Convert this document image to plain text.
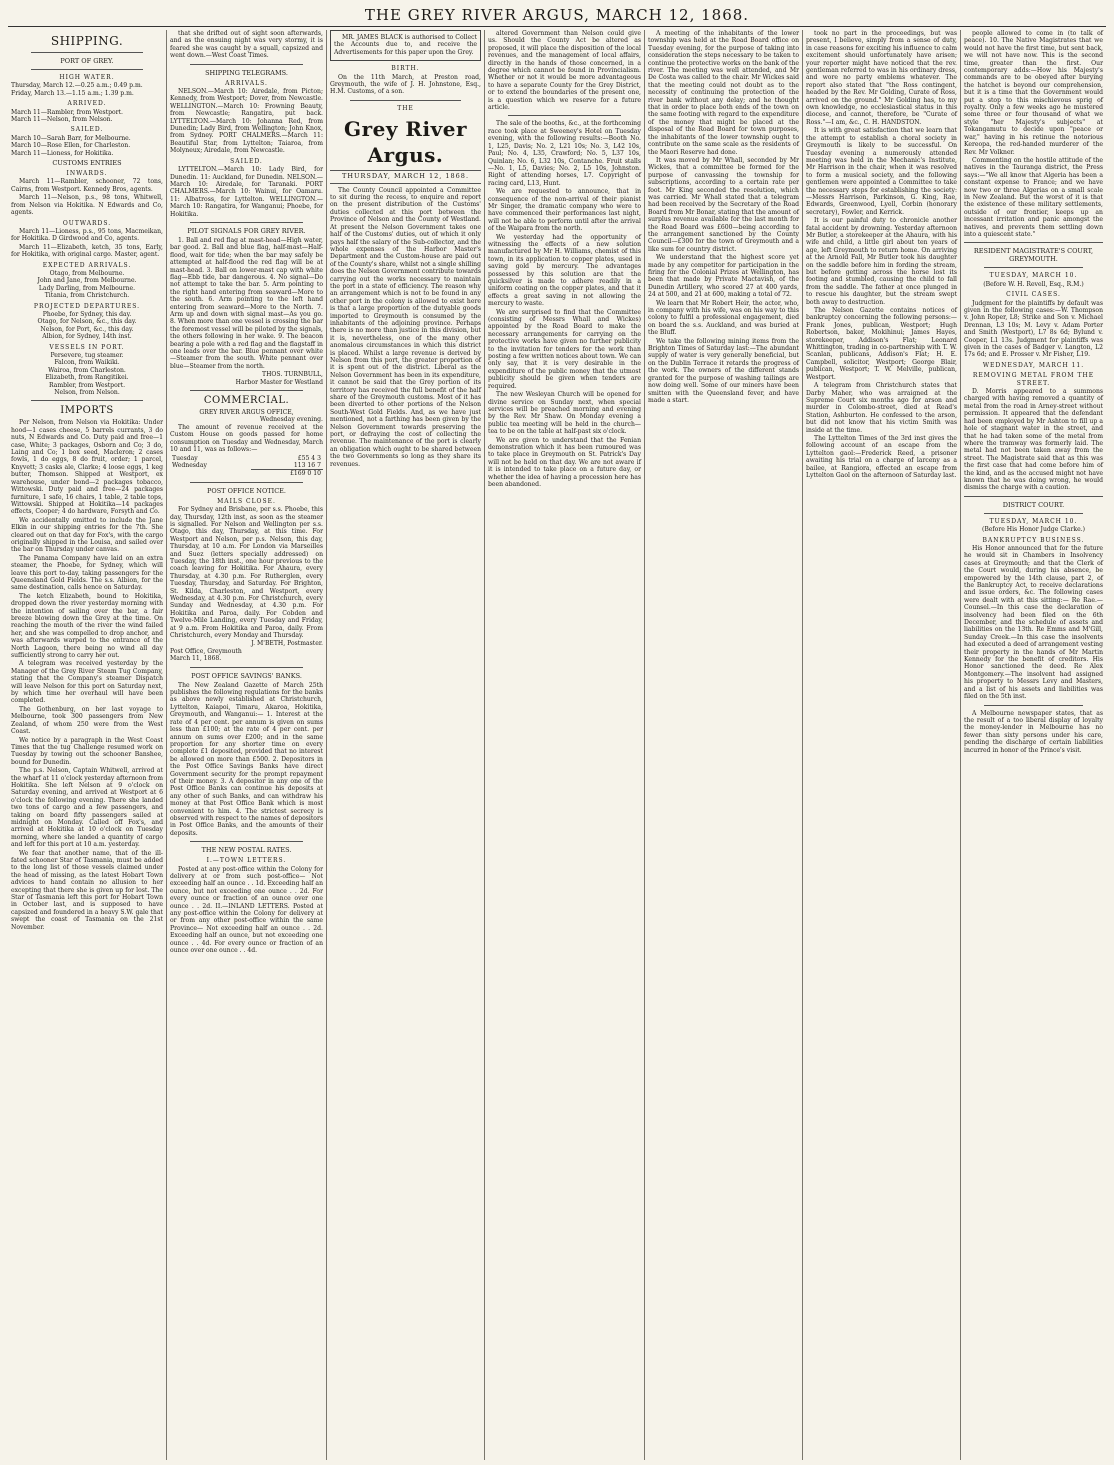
THE GREY RIVER ARGUS, MARCH 12, 1868.
SHIPPING.
PORT OF GREY.
HIGH WATER.
Thursday, March 12.—0.25 a.m.; 0.49 p.m.
Friday, March 13.—1.15 a.m.; 1.39 p.m.
ARRIVED.
March 11—Rambler, from Westport.
March 11—Nelson, from Nelson.
SAILED.
March 10—Sarah Barr, for Melbourne.
March 10—Rose Ellen, for Charleston.
March 11—Lioness, for Hokitika.
CUSTOMS ENTRIES
INWARDS.
March 11—Rambler, schooner, 72 tons, Cairns, from Westport. Kennedy Bros, agents.
March 11—Nelson, p.s., 98 tons, Whitwell, from Nelson via Hokitika. N Edwards and Co, agents.
OUTWARDS.
March 11—Lioness, p.s., 95 tons, Macmeikan, for Hokitika. D Girdwood and Co, agents.
March 11—Elizabeth, ketch, 35 tons, Early, for Hokitika, with original cargo. Master, agent.
EXPECTED ARRIVALS.
Otago, from Melbourne.
John and Jane, from Melbourne.
Lady Darling, from Melbourne.
Titania, from Christchurch.
PROJECTED DEPARTURES.
Phoebe, for Sydney, this day.
Otago, for Nelson, &c., this day.
Nelson, for Port, &c., this day.
Albion, for Sydney, 14th inst.
VESSELS IN PORT.
Persevere, tug steamer.
Falcon, from Waikiki.
Wairoa, from Charleston.
Elizabeth, from Rangitikei.
Rambler, from Westport.
Nelson, from Nelson.
IMPORTS
Per Nelson, from Nelson via Hokitika: Under hood—1 cases cheese, 5 barrels currants, 3 do nuts, N Edwards and Co. Duty paid and free—1 case, White; 3 packages, Osborn and Co; 3 do, Laing and Co; 1 box seed, Macleron; 2 cases fowls, 1 do eggs, 8 do fruit, order; 1 parcel, Knyvett; 3 casks ale, Clarke; 4 loose eggs, 1 keg butter, Thomson. Shipped at Westport, ex warehouse, under bond—2 packages tobacco, Wittowski. Duty paid and free—24 packages furniture, 1 safe, 16 chairs, 1 table, 2 table tops, Wittowski. Shipped at Hokitika—14 packages effects, Cooper; 4 do hardware, Forsyth and Co.
We accidentally omitted to include the Jane Elkin in our shipping entries for the 7th. She cleared out on that day for Fox's, with the cargo originally shipped in the Louisa, and sailed over the bar on Thursday under canvas.
The Panama Company have laid on an extra steamer, the Phoebe, for Sydney, which will leave this port to-day, taking passengers for the Queensland Gold Fields. The s.s. Albion, for the same destination, calls hence on Saturday.
The ketch Elizabeth, bound to Hokitika, dropped down the river yesterday morning with the intention of sailing over the bar, a fair breeze blowing down the Grey at the time. On reaching the mouth of the river the wind failed her, and she was compelled to drop anchor, and was afterwards warped to the entrance of the North Lagoon, there being no wind all day sufficiently strong to carry her out.
A telegram was received yesterday by the Manager of the Grey River Steam Tug Company, stating that the Company's steamer Dispatch will leave Nelson for this port on Saturday next, by which time her overhaul will have been completed.
The Gothenburg, on her last voyage to Melbourne, took 300 passengers from New Zealand, of whom 250 were from the West Coast.
We notice by a paragraph in the West Coast Times that the tug Challenge resumed work on Tuesday by towing out the schooner Banshee, bound for Dunedin.
The p.s. Nelson, Captain Whitwell, arrived at the wharf at 11 o'clock yesterday afternoon from Hokitika. She left Nelson at 9 o'clock on Saturday evening, and arrived at Westport at 6 o'clock the following evening. There she landed two tons of cargo and a few passengers, and taking on board fifty passengers sailed at midnight on Monday. Called off Fox's, and arrived at Hokitika at 10 o'clock on Tuesday morning, where she landed a quantity of cargo and left for this port at 10 a.m. yesterday.
We fear that another name, that of the ill-fated schooner Star of Tasmania, must be added to the long list of those vessels claimed under the head of missing, as the latest Hobart Town advices to hand contain no allusion to her excepting that there she is given up for lost. The Star of Tasmania left this port for Hobart Town in October last, and is supposed to have capsized and foundered in a heavy S.W. gale that swept the coast of Tasmania on the 21st November.
that she drifted out of sight soon afterwards, and as the ensuing night was very stormy, it is feared she was caught by a squall, capsized and went down.—West Coast Times.
SHIPPING TELEGRAMS.
ARRIVALS.
NELSON.—March 10: Airedale, from Picton; Kennedy, from Westport; Dover, from Newcastle. WELLINGTON.—March 10: Frowning Beauty, from Newcastle; Rangatira, put back. LYTTELTON.—March 10: Johanna Red, from Dunedin; Lady Bird, from Wellington; John Knox, from Sydney. PORT CHALMERS.—March 11: Beautiful Star, from Lyttelton; Taiaroa, from Molyneux; Airedale, from Newcastle.
SAILED.
LYTTELTON.—March 10: Lady Bird, for Dunedin. 11: Auckland, for Dunedin. NELSON.—March 10: Airedale, for Taranaki. PORT CHALMERS.—March 10: Wainui, for Oamaru. 11: Albatross, for Lyttelton. WELLINGTON.—March 10: Rangatira, for Wanganui; Phoebe, for Hokitika.
PILOT SIGNALS FOR GREY RIVER.
1. Ball and red flag at mast-head—High water, bar good. 2. Ball and blue flag, half-mast—Half-flood, wait for tide; when the bar may safely be attempted at half-flood the red flag will be at mast-head. 3. Ball on lower-mast cap with white flag—Ebb tide, bar dangerous. 4. No signal—Do not attempt to take the bar. 5. Arm pointing to the right hand entering from seaward—More to the south. 6. Arm pointing to the left hand entering from seaward—More to the North. 7. Arm up and down with signal mast—As you go. 8. When more than one vessel is crossing the bar the foremost vessel will be piloted by the signals, the others following in her wake. 9. The beacon bearing a pole with a red flag and the flagstaff in one leads over the bar. Blue pennant over white—Steamer from the south. White pennant over blue—Steamer from the north.
THOS. TURNBULL,
Harbor Master for Westland
COMMERCIAL.
GREY RIVER ARGUS OFFICE,
Wednesday evening.
The amount of revenue received at the Custom House on goods passed for home consumption on Tuesday and Wednesday, March 10 and 11, was as follows:—
Tuesday	£55 4 3
Wednesday	113 16 7
	£169 0 10
POST OFFICE NOTICE.
MAILS CLOSE.
For Sydney and Brisbane, per s.s. Phoebe, this day, Thursday, 12th inst, as soon as the steamer is signalled. For Nelson and Wellington per s.s. Otago, this day, Thursday, at this time. For Westport and Nelson, per p.s. Nelson, this day, Thursday, at 10 a.m. For London via Marseilles and Suez (letters specially addressed) on Tuesday, the 18th inst., one hour previous to the coach leaving for Hokitika. For Ahaura, every Thursday, at 4.30 p.m. For Rutherglen, every Tuesday, Thursday, and Saturday. For Brighton, St. Kilda, Charleston, and Westport, every Wednesday, at 4.30 p.m. For Christchurch, every Sunday and Wednesday, at 4.30 p.m. For Hokitika and Paroa, daily. For Cobden and Twelve-Mile Landing, every Tuesday and Friday, at 9 a.m. From Hokitika and Paroa, daily. From Christchurch, every Monday and Thursday.
J. M'BETH, Postmaster.
Post Office, Greymouth
March 11, 1868.
POST OFFICE SAVINGS' BANKS.
The New Zealand Gazette of March 25th publishes the following regulations for the banks as above newly established at Christchurch, Lyttelton, Kaiapoi, Timaru, Akaroa, Hokitika, Greymouth, and Wanganui:— 1. Interest at the rate of 4 per cent. per annum is given on sums less than £100; at the rate of 4 per cent. per annum on sums over £200; and in the same proportion for any shorter time on every complete £1 deposited, provided that no interest be allowed on more than £500. 2. Depositors in the Post Office Savings Banks have direct Government security for the prompt repayment of their money. 3. A depositor in any one of the Post Office Banks can continue his deposits at any other of such Banks, and can withdraw his money at that Post Office Bank which is most convenient to him. 4. The strictest secrecy is observed with respect to the names of depositors in Post Office Banks, and the amounts of their deposits.
THE NEW POSTAL RATES.
I.—TOWN LETTERS.
Posted at any post-office within the Colony for delivery at or from such post-office— Not exceeding half an ounce . . 1d. Exceeding half an ounce, but not exceeding one ounce . . 2d. For every ounce or fraction of an ounce over one ounce . . 2d. II.—INLAND LETTERS. Posted at any post-office within the Colony for delivery at or from any other post-office within the same Province— Not exceeding half an ounce . . 2d. Exceeding half an ounce, but not exceeding one ounce . . 4d. For every ounce or fraction of an ounce over one ounce . . 4d.
MR. JAMES BLACK is authorised to Collect the Accounts due to, and receive the Advertisements for this paper upon the Grey.
BIRTH.
On the 11th March, at Preston road, Greymouth, the wife of J. H. Johnstone, Esq., H.M. Customs, of a son.
THE
Grey River Argus.
THURSDAY, MARCH 12, 1868.
The County Council appointed a Committee to sit during the recess, to enquire and report on the present distribution of the Customs' duties collected at this port between the Province of Nelson and the County of Westland. At present the Nelson Government takes one half of the Customs' duties, out of which it only pays half the salary of the Sub-collector, and the whole expenses of the Harbor Master's Department and the Custom-house are paid out of the County's share, whilst not a single shilling does the Nelson Government contribute towards carrying out the works necessary to maintain the port in a state of efficiency. The reason why an arrangement which is not to be found in any other port in the colony is allowed to exist here is that a large proportion of the dutyable goods imported to Greymouth is consumed by the inhabitants of the adjoining province. Perhaps there is no more than justice in this division, but it is, nevertheless, one of the many other anomalous circumstances in which this district is placed. Whilst a large revenue is derived by Nelson from this port, the greater proportion of it is spent out of the district. Liberal as the Nelson Government has been in its expenditure, it cannot be said that the Grey portion of its territory has received the full benefit of the half share of the Greymouth customs. Most of it has been diverted to other portions of the Nelson South-West Gold Fields. And, as we have just mentioned, not a farthing has been given by the Nelson Government towards preserving the port, or defraying the cost of collecting the revenue. The maintenance of the port is clearly an obligation which ought to be shared between the two Governments so long as they share its revenues.
altered Government than Nelson could give us. Should the County Act be altered as proposed, it will place the disposition of the local revenues, and the management of local affairs, directly in the hands of those concerned, in a degree which cannot be found in Provincialism. Whether or not it would be more advantageous to have a separate County for the Grey District, or to extend the boundaries of the present one, is a question which we reserve for a future article.
The sale of the booths, &c., at the forthcoming race took place at Sweeney's Hotel on Tuesday evening, with the following results:—Booth No. 1, L25, Davis; No. 2, L21 10s; No. 3, L42 10s, Paul; No. 4, L35, Crawford; No. 5, L37 10s, Quinlan; No. 6, L32 10s, Contanche. Fruit stalls—No. 1, L5, Davies; No. 2, L5 10s, Johnston. Right of attending horses, L7. Copyright of racing card, L13, Hunt.
We are requested to announce, that in consequence of the non-arrival of their pianist Mr Singer, the dramatic company who were to have commenced their performances last night, will not be able to perform until after the arrival of the Waipara from the north.
We yesterday had the opportunity of witnessing the effects of a new solution manufactured by Mr H. Williams, chemist of this town, in its application to copper plates, used in saving gold by mercury. The advantages possessed by this solution are that the quicksilver is made to adhere readily in a uniform coating on the copper plates, and that it effects a great saving in not allowing the mercury to waste.
We are surprised to find that the Committee (consisting of Messrs Whall and Wickes) appointed by the Road Board to make the necessary arrangements for carrying on the protective works have given no further publicity to the invitation for tenders for the work than posting a few written notices about town. We can only say, that it is very desirable in the expenditure of the public money that the utmost publicity should be given when tenders are required.
The new Wesleyan Church will be opened for divine service on Sunday next, when special services will be preached morning and evening by the Rev. Mr Shaw. On Monday evening a public tea meeting will be held in the church—tea to be on the table at half-past six o'clock.
We are given to understand that the Fenian demonstration which it has been rumoured was to take place in Greymouth on St. Patrick's Day will not be held on that day. We are not aware if it is intended to take place on a future day, or whether the idea of having a procession here has been abandoned.
A meeting of the inhabitants of the lower township was held at the Road Board office on Tuesday evening, for the purpose of taking into consideration the steps necessary to be taken to continue the protective works on the bank of the river. The meeting was well attended, and Mr De Costa was called to the chair. Mr Wickes said that the meeting could not doubt as to the necessity of continuing the protection of the river bank without any delay; and he thought that in order to place both ends of the town on the same footing with regard to the expenditure of the money that might be placed at the disposal of the Road Board for town purposes, the inhabitants of the lower township ought to contribute on the same scale as the residents of the Maori Reserve had done.
It was moved by Mr Whall, seconded by Mr Wickes, that a committee be formed for the purpose of canvassing the township for subscriptions, according to a certain rate per foot. Mr King seconded the resolution, which was carried. Mr Whall stated that a telegram had been received by the Secretary of the Road Board from Mr Bonar, stating that the amount of surplus revenue available for the last month for the Road Board was £600—being according to the arrangement sanctioned by the County Council—£300 for the town of Greymouth and a like sum for country district.
We understand that the highest score yet made by any competitor for participation in the firing for the Colonial Prizes at Wellington, has been that made by Private Mactavish, of the Dunedin Artillery, who scored 27 at 400 yards, 24 at 500, and 21 at 600, making a total of 72.
We learn that Mr Robert Heir, the actor, who, in company with his wife, was on his way to this colony to fulfil a professional engagement, died on board the s.s. Auckland, and was buried at the Bluff.
We take the following mining items from the Brighton Times of Saturday last:—The abundant supply of water is very generally beneficial, but on the Dublin Terrace it retards the progress of the work. The owners of the different stands granted for the purpose of washing tailings are now doing well. Some of our miners have been smitten with the Queensland fever, and have made a start.
took no part in the proceedings, but was present, I believe, simply from a sense of duty, in case reasons for exciting his influence to calm excitement should unfortunately have arisen; your reporter might have noticed that the rev. gentleman referred to was in his ordinary dress, and wore no party emblems whatever. The report also stated that "the Ross contingent, headed by the Rev. Mr Golding, Curate of Ross, arrived on the ground." Mr Golding has, to my own knowledge, no ecclesiastical status in this diocese, and cannot, therefore, be "Curate of Ross."—I am, &c., C. H. HANDSTON.
It is with great satisfaction that we learn that the attempt to establish a choral society in Greymouth is likely to be successful. On Tuesday evening a numerously attended meeting was held in the Mechanic's Institute, Mr Harrison in the chair, when it was resolved to form a musical society, and the following gentlemen were appointed a Committee to take the necessary steps for establishing the society:—Messrs Harrison, Parkinson, G. King, Rae, Edwards, Greenwood, Lyell, Corbin (honorary secretary), Fowler, and Kerrick.
It is our painful duty to chronicle another fatal accident by drowning. Yesterday afternoon Mr Butler, a storekeeper at the Ahaura, with his wife and child, a little girl about ten years of age, left Greymouth to return home. On arriving at the Arnold Fall, Mr Butler took his daughter on the saddle before him in fording the stream, but before getting across the horse lost its footing and stumbled, causing the child to fall from the saddle. The father at once plunged in to rescue his daughter, but the stream swept both away to destruction.
The Nelson Gazette contains notices of bankruptcy concerning the following persons:—Frank Jones, publican, Westport; Hugh Robertson, baker, Mokihinui; James Hayes, storekeeper, Addison's Flat; Leonard Whittington, trading in co-partnership with T. W. Scanlan, publicans, Addison's Flat; H. E. Campbell, solicitor, Westport; George Blair, publican, Westport; T. W. Melville, publican, Westport.
A telegram from Christchurch states that Darby Maher, who was arraigned at the Supreme Court six months ago for arson and murder in Colombo-street, died at Read's Station, Ashburton. He confessed to the arson, but did not know that his victim Smith was inside at the time.
The Lyttelton Times of the 3rd inst gives the following account of an escape from the Lyttelton gaol:—Frederick Reed, a prisoner awaiting his trial on a charge of larceny as a bailee, at Rangiora, effected an escape from Lyttelton Gaol on the afternoon of Saturday last.
people allowed to come in (to talk of peace). 10. The Native Magistrates that we would not have the first time, but sent back, we will not have now. This is the second time, greater than the first. Our contemporary adds:—How his Majesty's commands are to be obeyed after burying the hatchet is beyond our comprehension, but it is a time that the Government would put a stop to this mischievous sprig of royalty. Only a few weeks ago he mustered some three or four thousand of what we style "her Majesty's subjects" at Tokangamutu to decide upon "peace or war," having in his retinue the notorious Kereopa, the red-handed murderer of the Rev. Mr Volkner.
Commenting on the hostile attitude of the natives in the Tauranga district, the Press says:—"We all know that Algeria has been a constant expense to France; and we have now two or three Algerias on a small scale in New Zealand. But the worst of it is that the existence of these military settlements, outside of our frontier, keeps up an incessant irritation and panic amongst the natives, and prevents them settling down into a quiescent state."
RESIDENT MAGISTRATE'S COURT, GREYMOUTH.
TUESDAY, MARCH 10.
(Before W. H. Revell, Esq., R.M.)
CIVIL CASES.
Judgment for the plaintiffs by default was given in the following cases:—W. Thompson v. John Roper, L8; Strike and Son v. Michael Drennan, L3 10s; M. Levy v. Adam Porter and Smith (Westport), L7 8s 6d; Bylund v. Cooper, L1 13s. Judgment for plaintiffs was given in the cases of Badger v. Langton, L2 17s 6d; and E. Prosser v. Mr Fisher, L19.
WEDNESDAY, MARCH 11.
REMOVING METAL FROM THE STREET.
D. Morris appeared to a summons charged with having removed a quantity of metal from the road in Arney-street without permission. It appeared that the defendant had been employed by Mr Ashton to fill up a hole of stagnant water in the street, and that he had taken some of the metal from where the tramway was formerly laid. The metal had not been taken away from the street. The Magistrate said that as this was the first case that had come before him of the kind, and as the accused might not have known that he was doing wrong, he would dismiss the charge with a caution.
DISTRICT COURT.
TUESDAY, MARCH 10.
(Before His Honor Judge Clarke.)
BANKRUPTCY BUSINESS.
His Honor announced that for the future he would sit in Chambers in Insolvency cases at Greymouth; and that the Clerk of the Court would, during his absence, be empowered by the 14th clause, part 2, of the Bankruptcy Act, to receive declarations and issue orders, &c. The following cases were dealt with at this sitting:— Re Rae.—Counsel.—In this case the declaration of insolvency had been filed on the 6th December, and the schedule of assets and liabilities on the 13th. Re Emms and M'Gill, Sunday Creek.—In this case the insolvents had executed a deed of arrangement vesting their property in the hands of Mr Martin Kennedy for the benefit of creditors. His Honor sanctioned the deed. Re Alex Montgomery.—The insolvent had assigned his property to Messrs Levy and Masters, and a list of his assets and liabilities was filed on the 5th inst.
A Melbourne newspaper states, that as the result of a too liberal display of loyalty the money-lender in Melbourne has no fewer than sixty persons under his care, pending the discharge of certain liabilities incurred in honor of the Prince's visit.
